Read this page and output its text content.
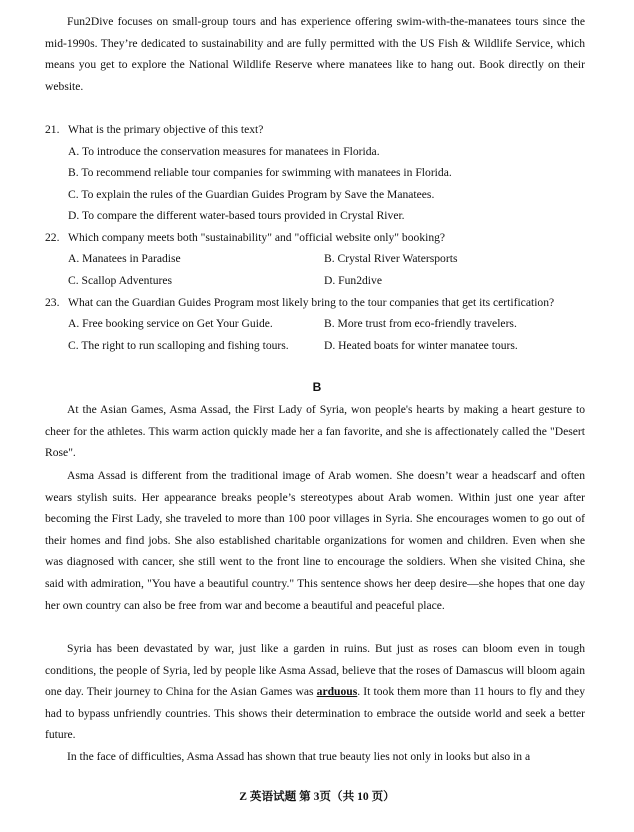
Fun2Dive focuses on small-group tours and has experience offering swim-with-the-manatees tours since the mid-1990s. They’re dedicated to sustainability and are fully permitted with the US Fish & Wildlife Service, which means you get to explore the National Wildlife Reserve where manatees like to hang out. Book directly on their website.

21. What is the primary objective of this text?

A. To introduce the conservation measures for manatees in Florida.

B. To recommend reliable tour companies for swimming with manatees in Florida.

C. To explain the rules of the Guardian Guides Program by Save the Manatees.

D. To compare the different water-based tours provided in Crystal River.

22. Which company meets both "sustainability" and "official website only" booking?

A. Manatees in Paradise	B. Crystal River Watersports

C. Scallop Adventures	D. Fun2dive

23. What can the Guardian Guides Program most likely bring to the tour companies that get its certification?

A. Free booking service on Get Your Guide.	B. More trust from eco-friendly travelers.

C. The right to run scalloping and fishing tours.	D. Heated boats for winter manatee tours.

B

At the Asian Games, Asma Assad, the First Lady of Syria, won people's hearts by making a heart gesture to cheer for the athletes. This warm action quickly made her a fan favorite, and she is affectionately called the "Desert Rose".

Asma Assad is different from the traditional image of Arab women. She doesn’t wear a headscarf and often wears stylish suits. Her appearance breaks people’s stereotypes about Arab women. Within just one year after becoming the First Lady, she traveled to more than 100 poor villages in Syria. She encourages women to go out of their homes and find jobs. She also established charitable organizations for women and children. Even when she was diagnosed with cancer, she still went to the front line to encourage the soldiers. When she visited China, she said with admiration, "You have a beautiful country." This sentence shows her deep desire—she hopes that one day her own country can also be free from war and become a beautiful and peaceful place.

Syria has been devastated by war, just like a garden in ruins. But just as roses can bloom even in tough conditions, the people of Syria, led by people like Asma Assad, believe that the roses of Damascus will bloom again one day. Their journey to China for the Asian Games was arduous. It took them more than 11 hours to fly and they had to bypass unfriendly countries. This shows their determination to embrace the outside world and seek a better future.

In the face of difficulties, Asma Assad has shown that true beauty lies not only in looks but also in a

Z 英语试题 第 3页（共 10 页）
